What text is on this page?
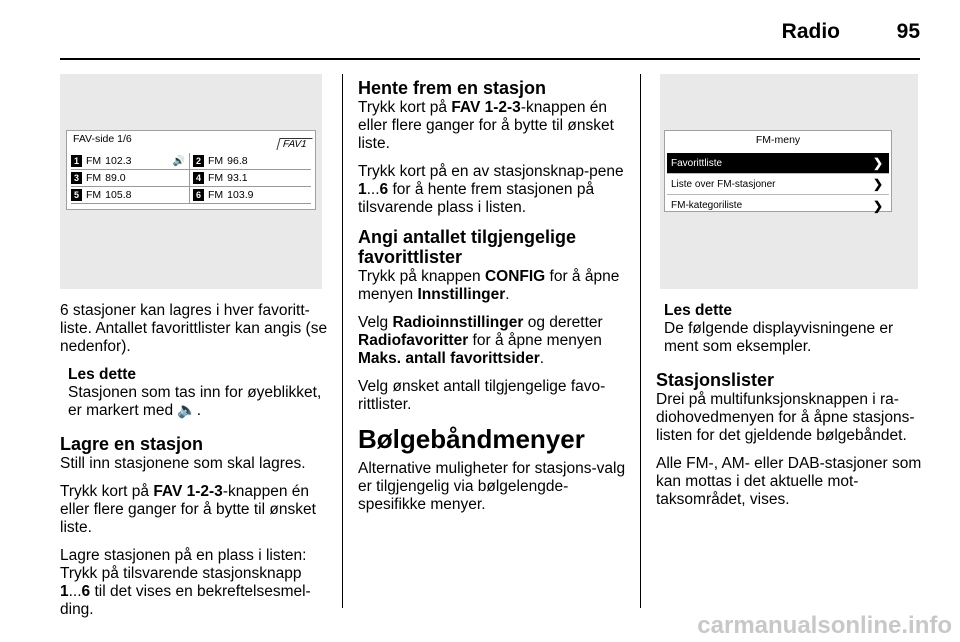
Radio	95
FAV-side 1/6	FAV1
1 FM 102.3	🔊	2 FM 96.8
3 FM 89.0	4 FM 93.1
5 FM 105.8	6 FM 103.9
FM-meny
Favorittliste	❯
Liste over FM-stasjoner	❯
FM-kategoriliste	❯

6 stasjoner kan lagres i hver favoritt-liste. Antallet favorittlister kan angis (se nedenfor).

Les dette
Stasjonen som tas inn for øyeblikket, er markert med 🔈.
Lagre en stasjon

Still inn stasjonene som skal lagres.

Trykk kort på FAV 1-2-3-knappen én eller flere ganger for å bytte til ønsket liste.

Lagre stasjonen på en plass i listen: Trykk på tilsvarende stasjonsknapp 1...6 til det vises en bekreftelsesmel-ding.

Hente frem en stasjon

Trykk kort på FAV 1-2-3-knappen én eller flere ganger for å bytte til ønsket liste.

Trykk kort på en av stasjonsknap-pene 1...6 for å hente frem stasjonen på tilsvarende plass i listen.

Angi antallet tilgjengelige favorittlister

Trykk på knappen CONFIG for å åpne menyen Innstillinger.

Velg Radioinnstillinger og deretter Radiofavoritter for å åpne menyen Maks. antall favorittsider.

Velg ønsket antall tilgjengelige favo-rittlister.

Bølgebåndmenyer

Alternative muligheter for stasjons-valg er tilgjengelig via bølgelengde-spesifikke menyer.

Les dette
De følgende displayvisningene er ment som eksempler.
Stasjonslister

Drei på multifunksjonsknappen i ra-diohovedmenyen for å åpne stasjons-listen for det gjeldende bølgebåndet.

Alle FM-, AM- eller DAB-stasjoner som kan mottas i det aktuelle mot-taksområdet, vises.

carmanualsonline.info
